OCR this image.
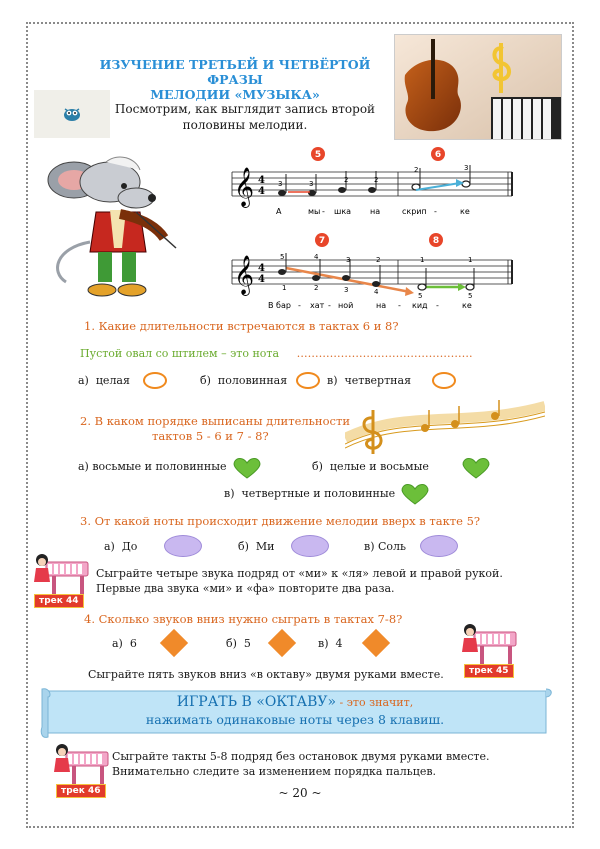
ИЗУЧЕНИЕ ТРЕТЬЕЙ И ЧЕТВЁРТОЙ ФРАЗЫ
МЕЛОДИИ «МУЗЫКА»
Посмотрим, как выглядит запись второй
половины мелодии.
𝄞 4
4
5	6
3	3	2	2
2	3
А	мы - шка на	скрип -	ке
𝄞 4
4
7	8
5	4	3	2	1	1
1	2	3	4	5	5
В бар - хат - ной	на - кид -	ке
1. Какие длительности встречаются в тактах 6 и 8?
Пустой овал со штилем – это нота …………………………………………
а) целая	б) половинная	в) четвертная
2. В каком порядке выписаны длительности
тактов 5 - 6 и 7 - 8?
а) восьмые и половинные	б) целые и восьмые
в) четвертные и половинные
3. От какой ноты происходит движение мелодии вверх в такте 5?
а) До	б) Ми	в) Соль
трек 44
Сыграйте четыре звука подряд от «ми» к «ля» левой и правой рукой.
Первые два звука «ми» и «фа» повторите два раза.
4. Сколько звуков вниз нужно сыграть в тактах 7-8?
а) 6	б) 5	в) 4
Сыграйте пять звуков вниз «в октаву» двумя руками вместе.	трек 45
ИГРАТЬ В «ОКТАВУ» - это значит,
нажимать одинаковые ноты через 8 клавиш.
трек 46
Сыграйте такты 5-8 подряд без остановок двумя руками вместе.
Внимательно следите за изменением порядка пальцев.
~ 20 ~
